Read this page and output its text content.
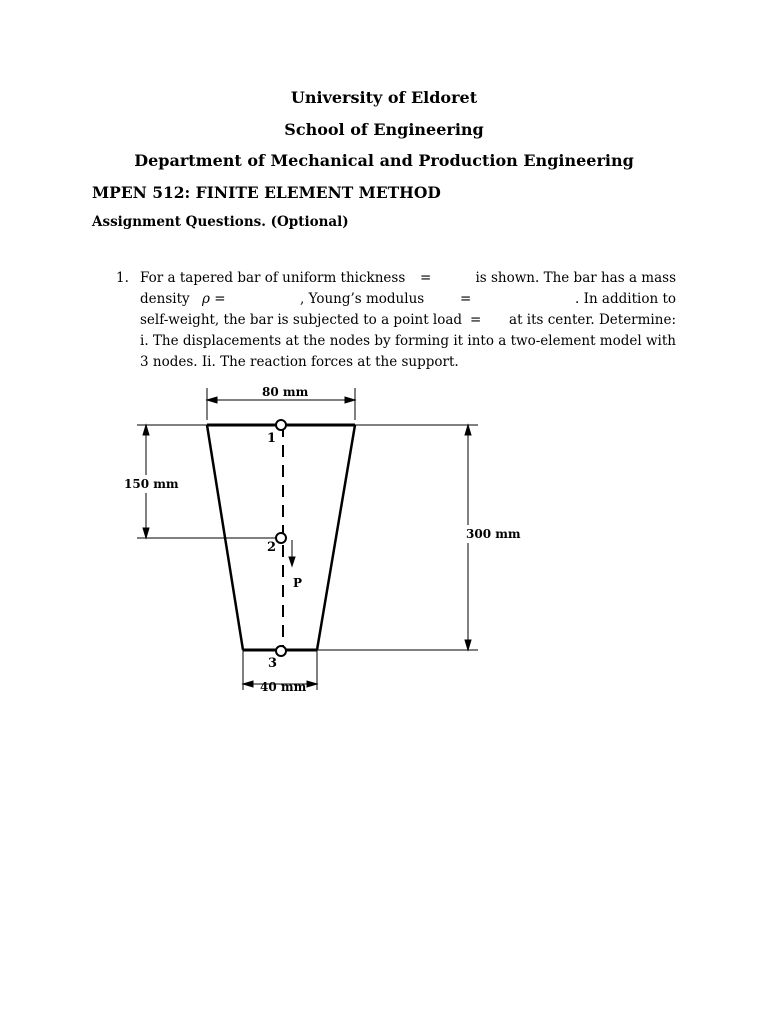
University of Eldoret
School of Engineering
Department of Mechanical and Production Engineering
MPEN 512: FINITE ELEMENT METHOD
Assignment Questions. (Optional)
1. For a tapered bar of uniform thickness =	is shown. The bar has a mass
density ρ =	, Young’s modulus	=	. In addition to
self-weight, the bar is subjected to a point load = at its center. Determine:
i. The displacements at the nodes by forming it into a two-element model with
3 nodes. Ii. The reaction forces at the support.
80 mm
1
2
3
P
150 mm
300 mm
40 mm
